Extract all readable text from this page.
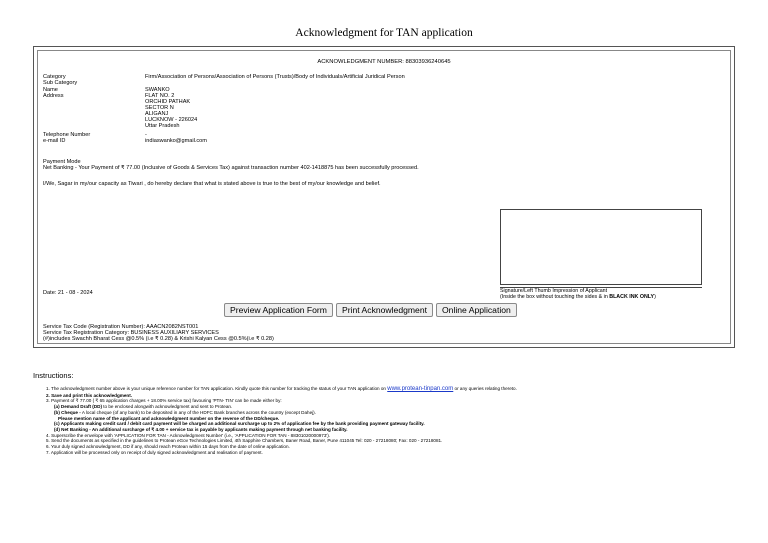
Acknowledgment for TAN application
ACKNOWLEDGMENT NUMBER: 88303936240645
Category	Firm/Association of Persons/Association of Persons (Trusts)/Body of Individuals/Artificial Juridical Person
Sub Category
Name	SWANKO
Address	FLAT NO. 2
ORCHID PATHAK
SECTOR N
ALIGANJ
LUCKNOW - 226024
Uttar Pradesh
Telephone Number	-
e-mail ID	indiaswanko@gmail.com
Payment Mode
Net Banking - Your Payment of ₹ 77.00 (Inclusive of Goods & Services Tax) against transaction number 402-1418875 has been successfully processed.
I/We, Sagar in my/our capacity as Tiwari , do hereby declare that what is stated above is true to the best of my/our knowledge and belief.
Signature/Left Thumb Impression of Applicant
(Inside the box without touching the sides & in BLACK INK ONLY)
Date: 21 - 08 - 2024
Preview Application Form	Print Acknowledgment	Online Application
Service Tax Code (Registration Number): AAACN2082NST001
Service Tax Registration Category: BUSINESS AUXILIARY SERVICES
(#)includes Swachh Bharat Cess @0.5% (i.e ₹ 0.28) & Krishi Kalyan Cess @0.5%(i.e ₹ 0.28)
Instructions:
1. The acknowledgment number above is your unique reference number for TAN application. Kindly quote this number for tracking the status of your TAN application on www.protean-tinpan.com or any queries relating thereto.
2. Save and print this acknowledgment.
3. Payment of ₹ 77.00 ( ₹ 65 application charges + 18.00% service tax) favouring 'PTN- TIN' can be made either by:
(a) Demand Draft (DD) to be enclosed alongwith acknowledgment and sent to Protean.
(b) Cheque - A local cheque (of any bank) to be deposited in any of the HDFC Bank branches across the country (except Dahej).
Please mention name of the applicant and acknowledgment number on the reverse of the DD/cheque.
(c) Applicants making credit card / debit card payment will be charged an additional surcharge up to 2% of application fee by the bank providing payment gateway facility.
(d) Net Banking - An additional surcharge of ₹ 4.00 + service tax is payable by applicants making payment through net banking facility.
4. Superscribe the envelope with 'APPLICATION FOR TAN - Acknowledgment Number' (i.e., 'APPLICATION FOR TAN - 88301020000973').
5. Send the documents as specified in the guidelines to Protean eGov Technologies Limited, 4th Sapphire Chambers, Baner Road, Baner, Pune 411045 Tel: 020 - 27218080; Fax: 020 - 27218081.
6. Your duly signed acknowledgment, DD if any, should reach Protean within 15 days from the date of online application.
7. Application will be processed only on receipt of duly signed acknowledgment and realisation of payment.
